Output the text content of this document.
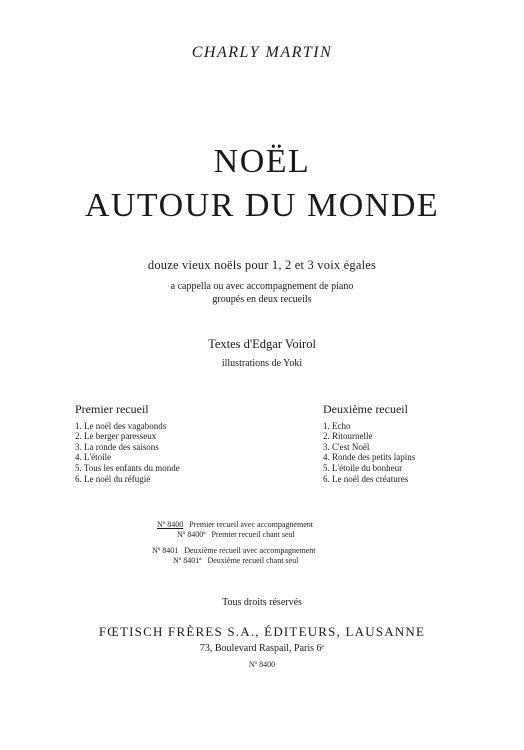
CHARLY MARTIN
NOËL
AUTOUR DU MONDE
douze vieux noëls pour 1, 2 et 3 voix égales
a cappella ou avec accompagnement de piano
groupés en deux recueils
Textes d'Edgar Voirol
illustrations de Yoki
Premier recueil
1. Le noël des vagabonds
2. Le berger paresseux
3. La ronde des saisons
4. L'étoile
5. Tous les enfants du monde
6. Le noël du réfugié
Deuxième recueil
1. Echo
2. Ritournelle
3. C'est Noël
4. Ronde des petits lapins
5. L'étoile du bonheur
6. Le noël des créatures
Nº 8400 Premier recueil avec accompagnement
Nº 8400ª Premier recueil chant seul
Nº 8401 Deuxième recueil avec accompagnement
Nº 8401ª Deuxième recueil chant seul
Tous droits réservés
FŒTISCH FRÈRES S.A., ÉDITEURS, LAUSANNE
73, Boulevard Raspail, Paris 6ᵉ
Nº 8400
